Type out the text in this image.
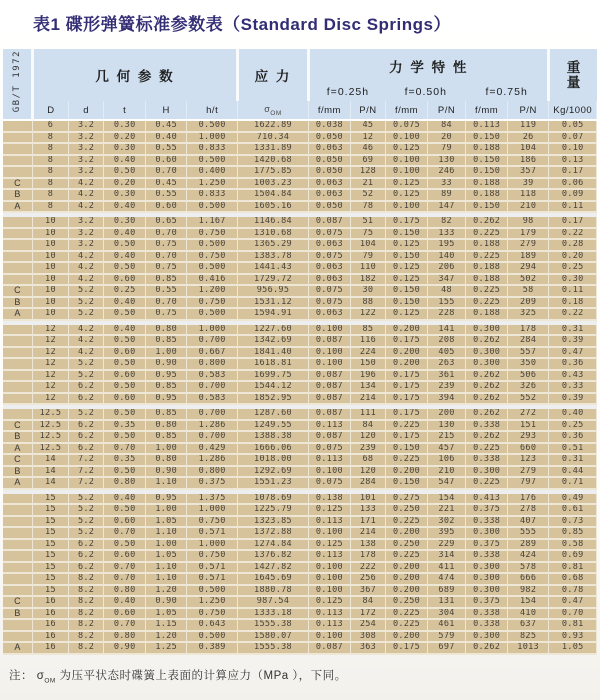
表1 碟形弹簧标准参数表（Standard Disc Springs）
GB/T 1972	几 何 参 数					应 力	力 学 特 性						重
量

							f=0.25h		f=0.50h		f=0.75h		
	D	d	t	H	h/t	$\sigma_{OM}$	f/mm	P/N	f/mm	P/N	f/mm	P/N	Kg/1000
	6	3.2	0.30	0.45	0.500	1622.89	0.038	45	0.075	84	0.113	119	0.05
	8	3.2	0.20	0.40	1.000	710.34	0.050	12	0.100	20	0.150	26	0.07
	8	3.2	0.30	0.55	0.833	1331.89	0.063	46	0.125	79	0.188	104	0.10
	8	3.2	0.40	0.60	0.500	1420.68	0.050	69	0.100	130	0.150	186	0.13
	8	3.2	0.50	0.70	0.400	1775.85	0.050	128	0.100	246	0.150	357	0.17
C	8	4.2	0.20	0.45	1.250	1003.23	0.063	21	0.125	33	0.188	39	0.06
B	8	4.2	0.30	0.55	0.833	1504.84	0.063	52	0.125	89	0.188	118	0.09
A	8	4.2	0.40	0.60	0.500	1605.16	0.050	78	0.100	147	0.150	210	0.11

	10	3.2	0.30	0.65	1.167	1146.84	0.087	51	0.175	82	0.262	98	0.17
	10	3.2	0.40	0.70	0.750	1310.68	0.075	75	0.150	133	0.225	179	0.22
	10	3.2	0.50	0.75	0.500	1365.29	0.063	104	0.125	195	0.188	279	0.28
	10	4.2	0.40	0.70	0.750	1383.78	0.075	79	0.150	140	0.225	189	0.20
	10	4.2	0.50	0.75	0.500	1441.43	0.063	110	0.125	206	0.188	294	0.25
	10	4.2	0.60	0.85	0.416	1729.72	0.063	182	0.125	347	0.188	502	0.30
C	10	5.2	0.25	0.55	1.200	956.95	0.075	30	0.150	48	0.225	58	0.11
B	10	5.2	0.40	0.70	0.750	1531.12	0.075	88	0.150	155	0.225	209	0.18
A	10	5.2	0.50	0.75	0.500	1594.91	0.063	122	0.125	228	0.188	325	0.22

	12	4.2	0.40	0.80	1.000	1227.60	0.100	85	0.200	141	0.300	178	0.31
	12	4.2	0.50	0.85	0.700	1342.69	0.087	116	0.175	208	0.262	284	0.39
	12	4.2	0.60	1.00	0.667	1841.40	0.100	224	0.200	405	0.300	557	0.47
	12	5.2	0.50	0.90	0.800	1618.81	0.100	150	0.200	263	0.300	350	0.36
	12	5.2	0.60	0.95	0.583	1699.75	0.087	196	0.175	361	0.262	506	0.43
	12	6.2	0.50	0.85	0.700	1544.12	0.087	134	0.175	239	0.262	326	0.33
	12	6.2	0.60	0.95	0.583	1852.95	0.087	214	0.175	394	0.262	552	0.39

	12.5	5.2	0.50	0.85	0.700	1287.60	0.087	111	0.175	200	0.262	272	0.40
C	12.5	6.2	0.35	0.80	1.286	1249.55	0.113	84	0.225	130	0.338	151	0.25
B	12.5	6.2	0.50	0.85	0.700	1388.38	0.087	120	0.175	215	0.262	293	0.36
A	12.5	6.2	0.70	1.00	0.429	1666.06	0.075	239	0.150	457	0.225	660	0.51
C	14	7.2	0.35	0.80	1.286	1018.00	0.113	68	0.225	106	0.338	123	0.31
B	14	7.2	0.50	0.90	0.800	1292.69	0.100	120	0.200	210	0.300	279	0.44
A	14	7.2	0.80	1.10	0.375	1551.23	0.075	284	0.150	547	0.225	797	0.71

	15	5.2	0.40	0.95	1.375	1078.69	0.138	101	0.275	154	0.413	176	0.49
	15	5.2	0.50	1.00	1.000	1225.79	0.125	133	0.250	221	0.375	278	0.61
	15	5.2	0.60	1.05	0.750	1323.85	0.113	171	0.225	302	0.338	407	0.73
	15	5.2	0.70	1.10	0.571	1372.88	0.100	214	0.200	395	0.300	555	0.85
	15	6.2	0.50	1.00	1.000	1274.84	0.125	138	0.250	229	0.375	289	0.58
	15	6.2	0.60	1.05	0.750	1376.82	0.113	178	0.225	314	0.338	424	0.69
	15	6.2	0.70	1.10	0.571	1427.82	0.100	222	0.200	411	0.300	578	0.81
	15	8.2	0.70	1.10	0.571	1645.69	0.100	256	0.200	474	0.300	666	0.68
	15	8.2	0.80	1.20	0.500	1880.78	0.100	367	0.200	689	0.300	982	0.78
C	16	8.2	0.40	0.90	1.250	987.54	0.125	84	0.250	131	0.375	154	0.47
B	16	8.2	0.60	1.05	0.750	1333.18	0.113	172	0.225	304	0.338	410	0.70
	16	8.2	0.70	1.15	0.643	1555.38	0.113	254	0.225	461	0.338	637	0.81
	16	8.2	0.80	1.20	0.500	1580.07	0.100	308	0.200	579	0.300	825	0.93
A	16	8.2	0.90	1.25	0.389	1555.38	0.087	363	0.175	697	0.262	1013	1.05

注： $\sigma_{OM}$ 为压平状态时碟簧上表面的计算应力（MPa ），下同。
